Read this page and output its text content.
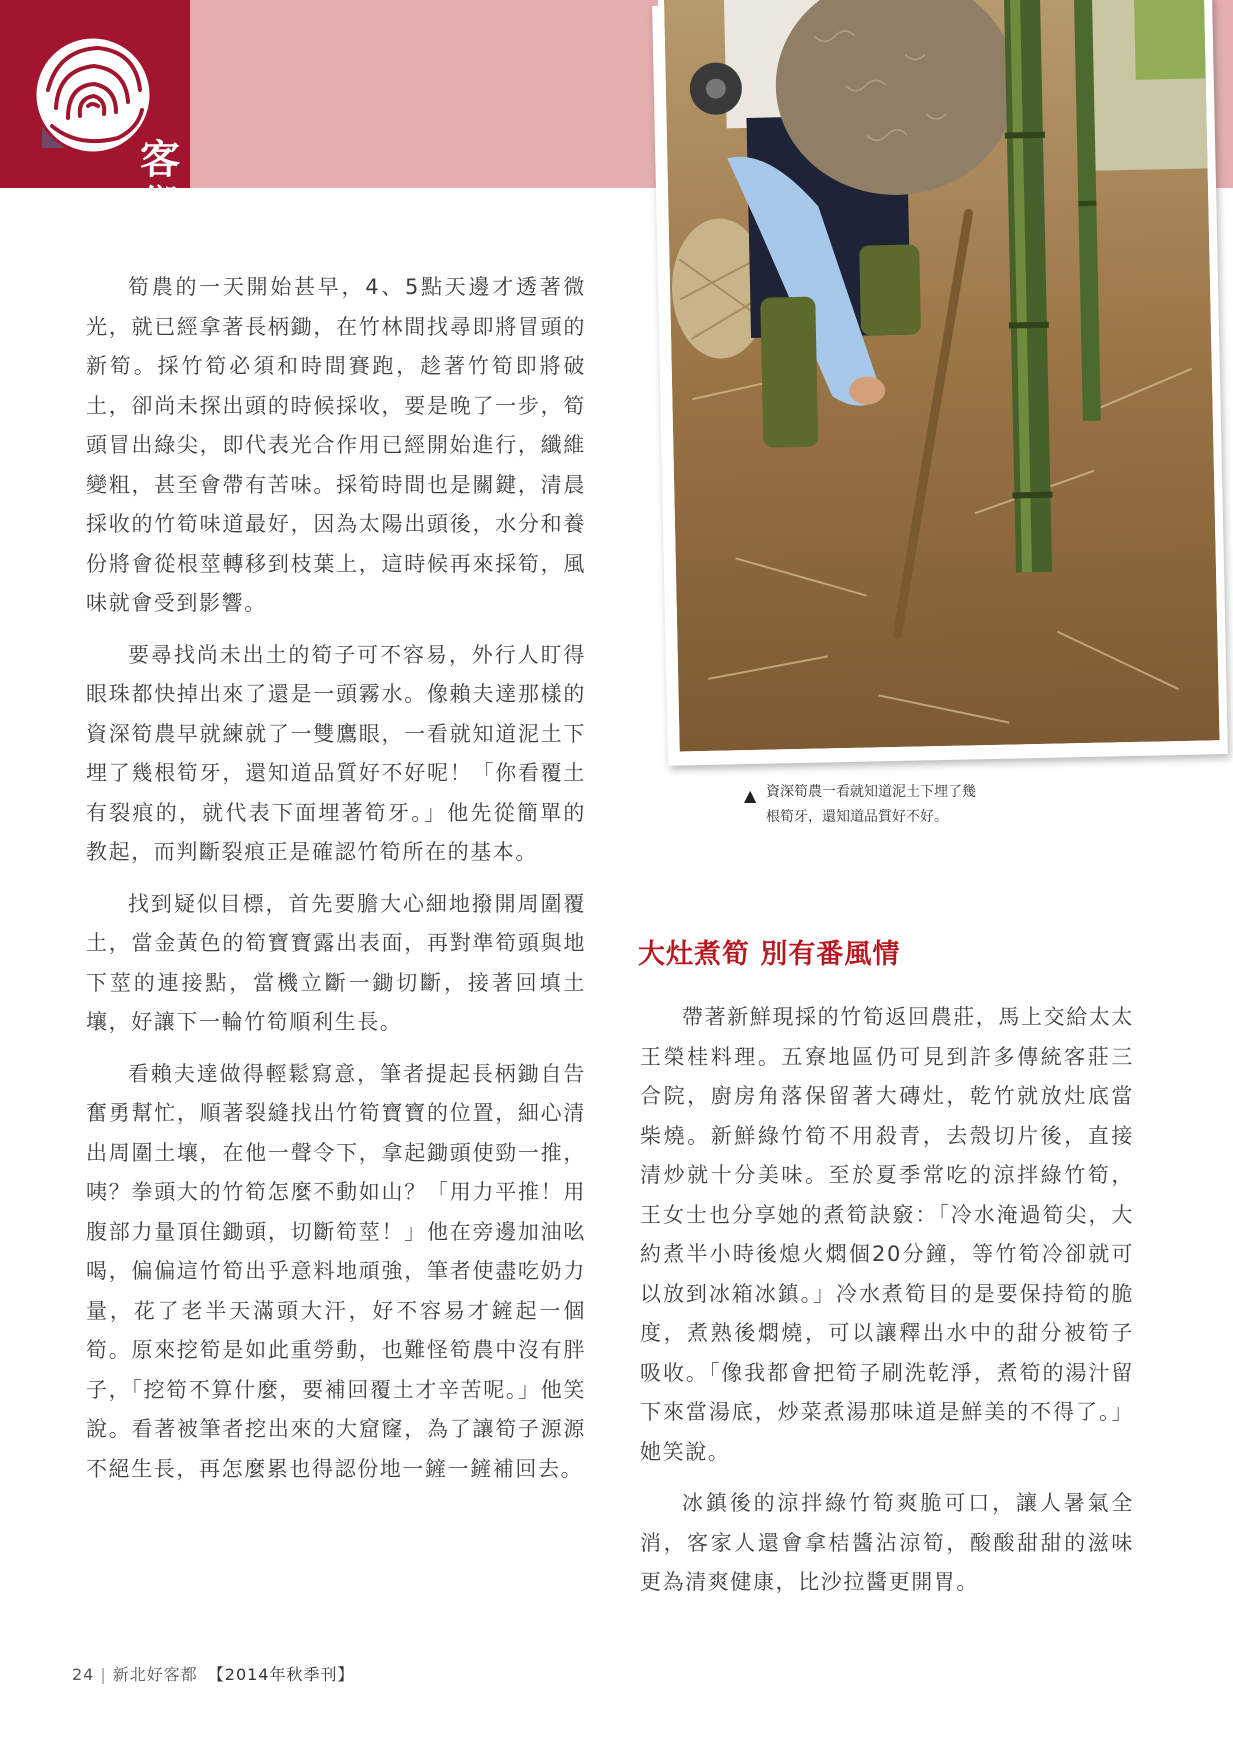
客鄉情
▲ 資深筍農一看就知道泥土下埋了幾
根筍牙，還知道品質好不好。

筍農的一天開始甚早，4、5點天邊才透著微光，就已經拿著長柄鋤，在竹林間找尋即將冒頭的新筍。採竹筍必須和時間賽跑，趁著竹筍即將破土，卻尚未探出頭的時候採收，要是晚了一步，筍頭冒出綠尖，即代表光合作用已經開始進行，纖維變粗，甚至會帶有苦味。採筍時間也是關鍵，清晨採收的竹筍味道最好，因為太陽出頭後，水分和養份將會從根莖轉移到枝葉上，這時候再來採筍，風味就會受到影響。

要尋找尚未出土的筍子可不容易，外行人盯得眼珠都快掉出來了還是一頭霧水。像賴夫達那樣的資深筍農早就練就了一雙鷹眼，一看就知道泥土下埋了幾根筍牙，還知道品質好不好呢！「你看覆土有裂痕的，就代表下面埋著筍牙。」他先從簡單的教起，而判斷裂痕正是確認竹筍所在的基本。

找到疑似目標，首先要膽大心細地撥開周圍覆土，當金黃色的筍寶寶露出表面，再對準筍頭與地下莖的連接點，當機立斷一鋤切斷，接著回填土壤，好讓下一輪竹筍順利生長。

看賴夫達做得輕鬆寫意，筆者提起長柄鋤自告奮勇幫忙，順著裂縫找出竹筍寶寶的位置，細心清出周圍土壤，在他一聲令下，拿起鋤頭使勁一推，咦？拳頭大的竹筍怎麼不動如山？「用力平推！用腹部力量頂住鋤頭，切斷筍莖！」他在旁邊加油吆喝，偏偏這竹筍出乎意料地頑強，筆者使盡吃奶力量，花了老半天滿頭大汗，好不容易才鏟起一個筍。原來挖筍是如此重勞動，也難怪筍農中沒有胖子，「挖筍不算什麼，要補回覆土才辛苦呢。」他笑說。看著被筆者挖出來的大窟窿，為了讓筍子源源不絕生長，再怎麼累也得認份地一鏟一鏟補回去。

大灶煮筍 別有番風情

帶著新鮮現採的竹筍返回農莊，馬上交給太太王榮桂料理。五寮地區仍可見到許多傳統客莊三合院，廚房角落保留著大磚灶，乾竹就放灶底當柴燒。新鮮綠竹筍不用殺青，去殼切片後，直接清炒就十分美味。至於夏季常吃的涼拌綠竹筍，王女士也分享她的煮筍訣竅：「冷水淹過筍尖，大約煮半小時後熄火燜個20分鐘，等竹筍冷卻就可以放到冰箱冰鎮。」冷水煮筍目的是要保持筍的脆度，煮熟後燜燒，可以讓釋出水中的甜分被筍子吸收。「像我都會把筍子刷洗乾淨，煮筍的湯汁留下來當湯底，炒菜煮湯那味道是鮮美的不得了。」她笑說。

冰鎮後的涼拌綠竹筍爽脆可口，讓人暑氣全消，客家人還會拿桔醬沾涼筍，酸酸甜甜的滋味更為清爽健康，比沙拉醬更開胃。

24 | 新北好客都 【2014年秋季刊】
